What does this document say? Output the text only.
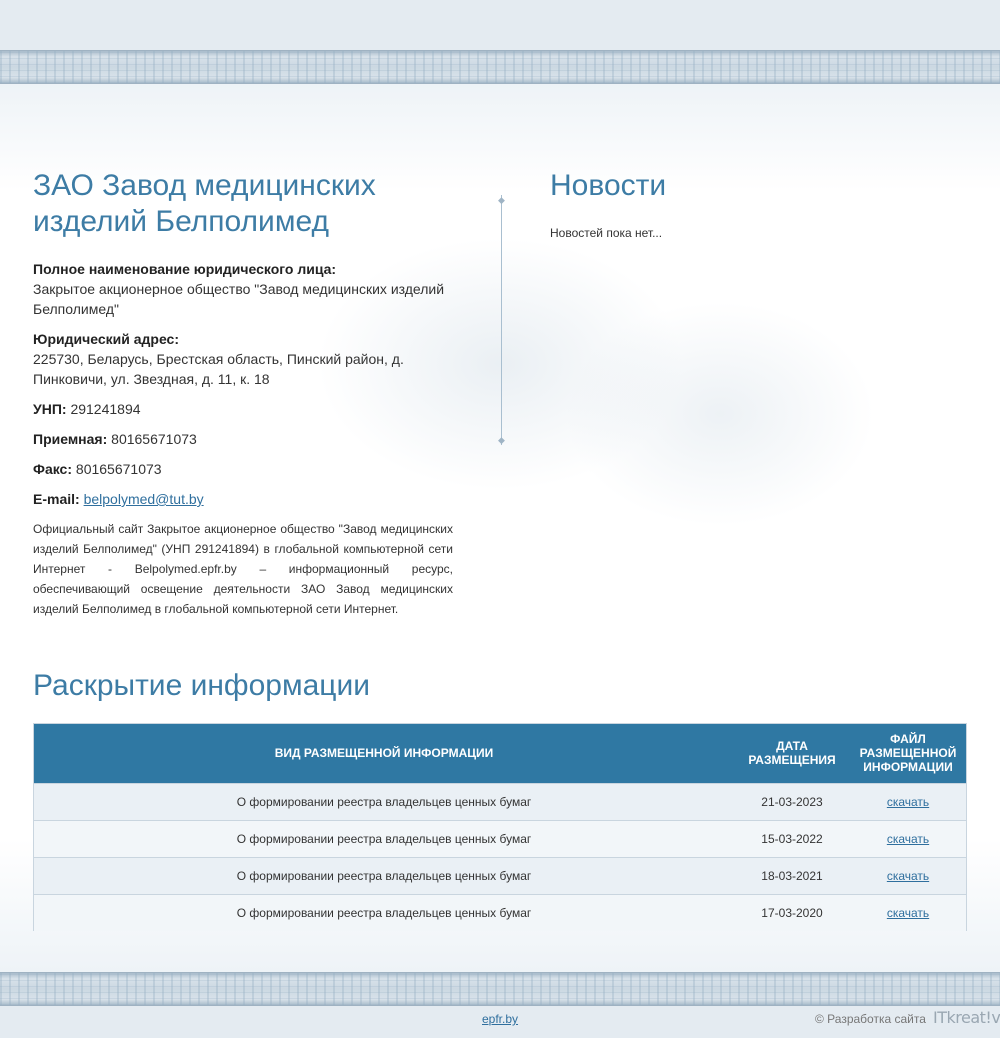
ЗАО Завод медицинских изделий Белполимед
Полное наименование юридического лица:
Закрытое акционерное общество "Завод медицинских изделий Белполимед"
Юридический адрес:
225730, Беларусь, Брестская область, Пинский район, д. Пинковичи, ул. Звездная, д. 11, к. 18
УНП: 291241894
Приемная: 80165671073
Факс: 80165671073
E-mail: belpolymed@tut.by

Официальный сайт Закрытое акционерное общество "Завод медицинских изделий Белполимед" (УНП 291241894) в глобальной компьютерной сети Интернет - Belpolymed.epfr.by – информационный ресурс, обеспечивающий освещение деятельности ЗАО Завод медицинских изделий Белполимед в глобальной компьютерной сети Интернет.

◆
◆
Новости
Новостей пока нет...
Раскрытие информации
ВИД РАЗМЕЩЕННОЙ ИНФОРМАЦИИ	ДАТА РАЗМЕЩЕНИЯ	ФАЙЛ РАЗМЕЩЕННОЙ ИНФОРМАЦИИ
О формировании реестра владельцев ценных бумаг	21-03-2023	скачать
О формировании реестра владельцев ценных бумаг	15-03-2022	скачать
О формировании реестра владельцев ценных бумаг	18-03-2021	скачать
О формировании реестра владельцев ценных бумаг	17-03-2020	скачать
epfr.by	© Разработка сайта ITkreat!v
